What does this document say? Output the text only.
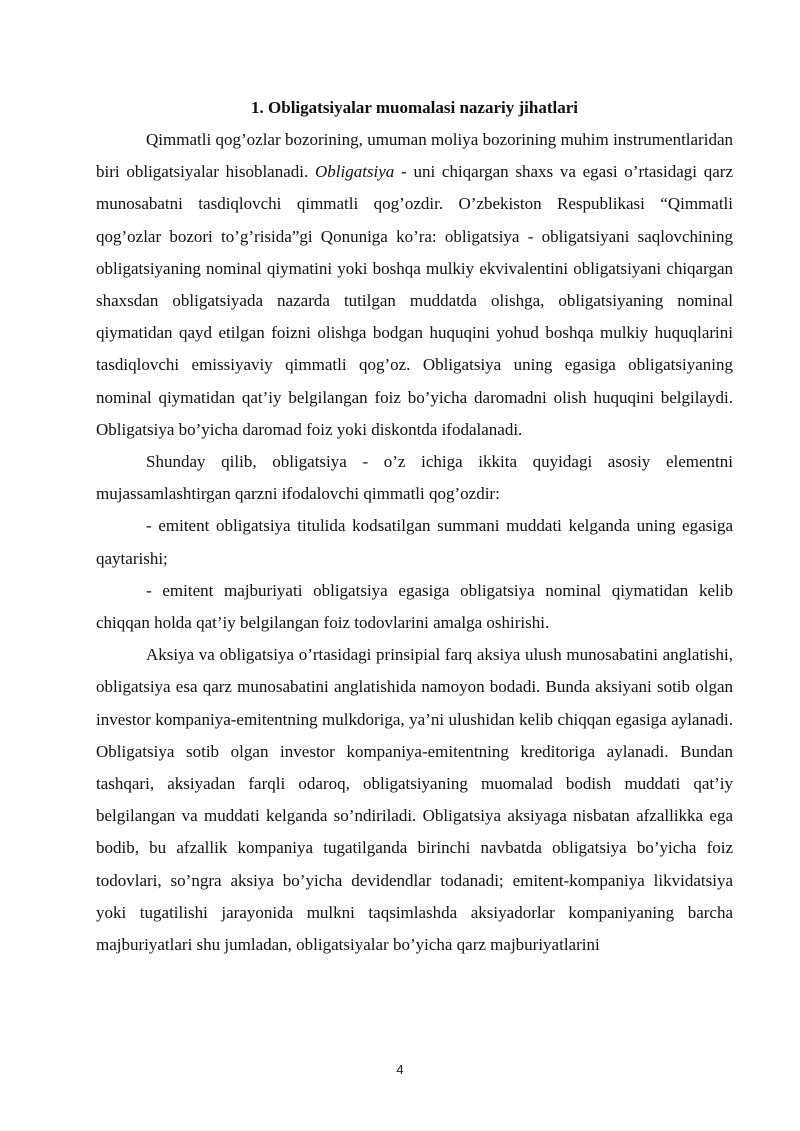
1. Obligatsiyalar muomalasi nazariy jihatlari

Qimmatli qog’ozlar bozorining, umuman moliya bozorining muhim instrumentlaridan biri obligatsiyalar hisoblanadi. Obligatsiya - uni chiqargan shaxs va egasi o’rtasidagi qarz munosabatni tasdiqlovchi qimmatli qog’ozdir. O’zbekiston Respublikasi “Qimmatli qog’ozlar bozori to’g’risida”gi Qonuniga ko’ra: obligatsiya - obligatsiyani saqlovchining obligatsiyaning nominal qiymatini yoki boshqa mulkiy ekvivalentini obligatsiyani chiqargan shaxsdan obligatsiyada nazarda tutilgan muddatda olishga, obligatsiyaning nominal qiymatidan qayd etilgan foizni olishga bodgan huquqini yohud boshqa mulkiy huquqlarini tasdiqlovchi emissiyaviy qimmatli qog’oz. Obligatsiya uning egasiga obligatsiyaning nominal qiymatidan qat’iy belgilangan foiz bo’yicha daromadni olish huquqini belgilaydi. Obligatsiya bo’yicha daromad foiz yoki diskontda ifodalanadi.

Shunday qilib, obligatsiya - o’z ichiga ikkita quyidagi asosiy elementni mujassamlashtirgan qarzni ifodalovchi qimmatli qog’ozdir:

- emitent obligatsiya titulida kodsatilgan summani muddati kelganda uning egasiga qaytarishi;

- emitent majburiyati obligatsiya egasiga obligatsiya nominal qiymatidan kelib chiqqan holda qat’iy belgilangan foiz todovlarini amalga oshirishi.

Aksiya va obligatsiya o’rtasidagi prinsipial farq aksiya ulush munosabatini anglatishi, obligatsiya esa qarz munosabatini anglatishida namoyon bodadi. Bunda aksiyani sotib olgan investor kompaniya-emitentning mulkdoriga, ya’ni ulushidan kelib chiqqan egasiga aylanadi. Obligatsiya sotib olgan investor kompaniya-emitentning kreditoriga aylanadi. Bundan tashqari, aksiyadan farqli odaroq, obligatsiyaning muomalad bodish muddati qat’iy belgilangan va muddati kelganda so’ndiriladi. Obligatsiya aksiyaga nisbatan afzallikka ega bodib, bu afzallik kompaniya tugatilganda birinchi navbatda obligatsiya bo’yicha foiz todovlari, so’ngra aksiya bo’yicha devidendlar todanadi; emitent-kompaniya likvidatsiya yoki tugatilishi jarayonida mulkni taqsimlashda aksiyadorlar kompaniyaning barcha majburiyatlari shu jumladan, obligatsiyalar bo’yicha qarz majburiyatlarini

4
